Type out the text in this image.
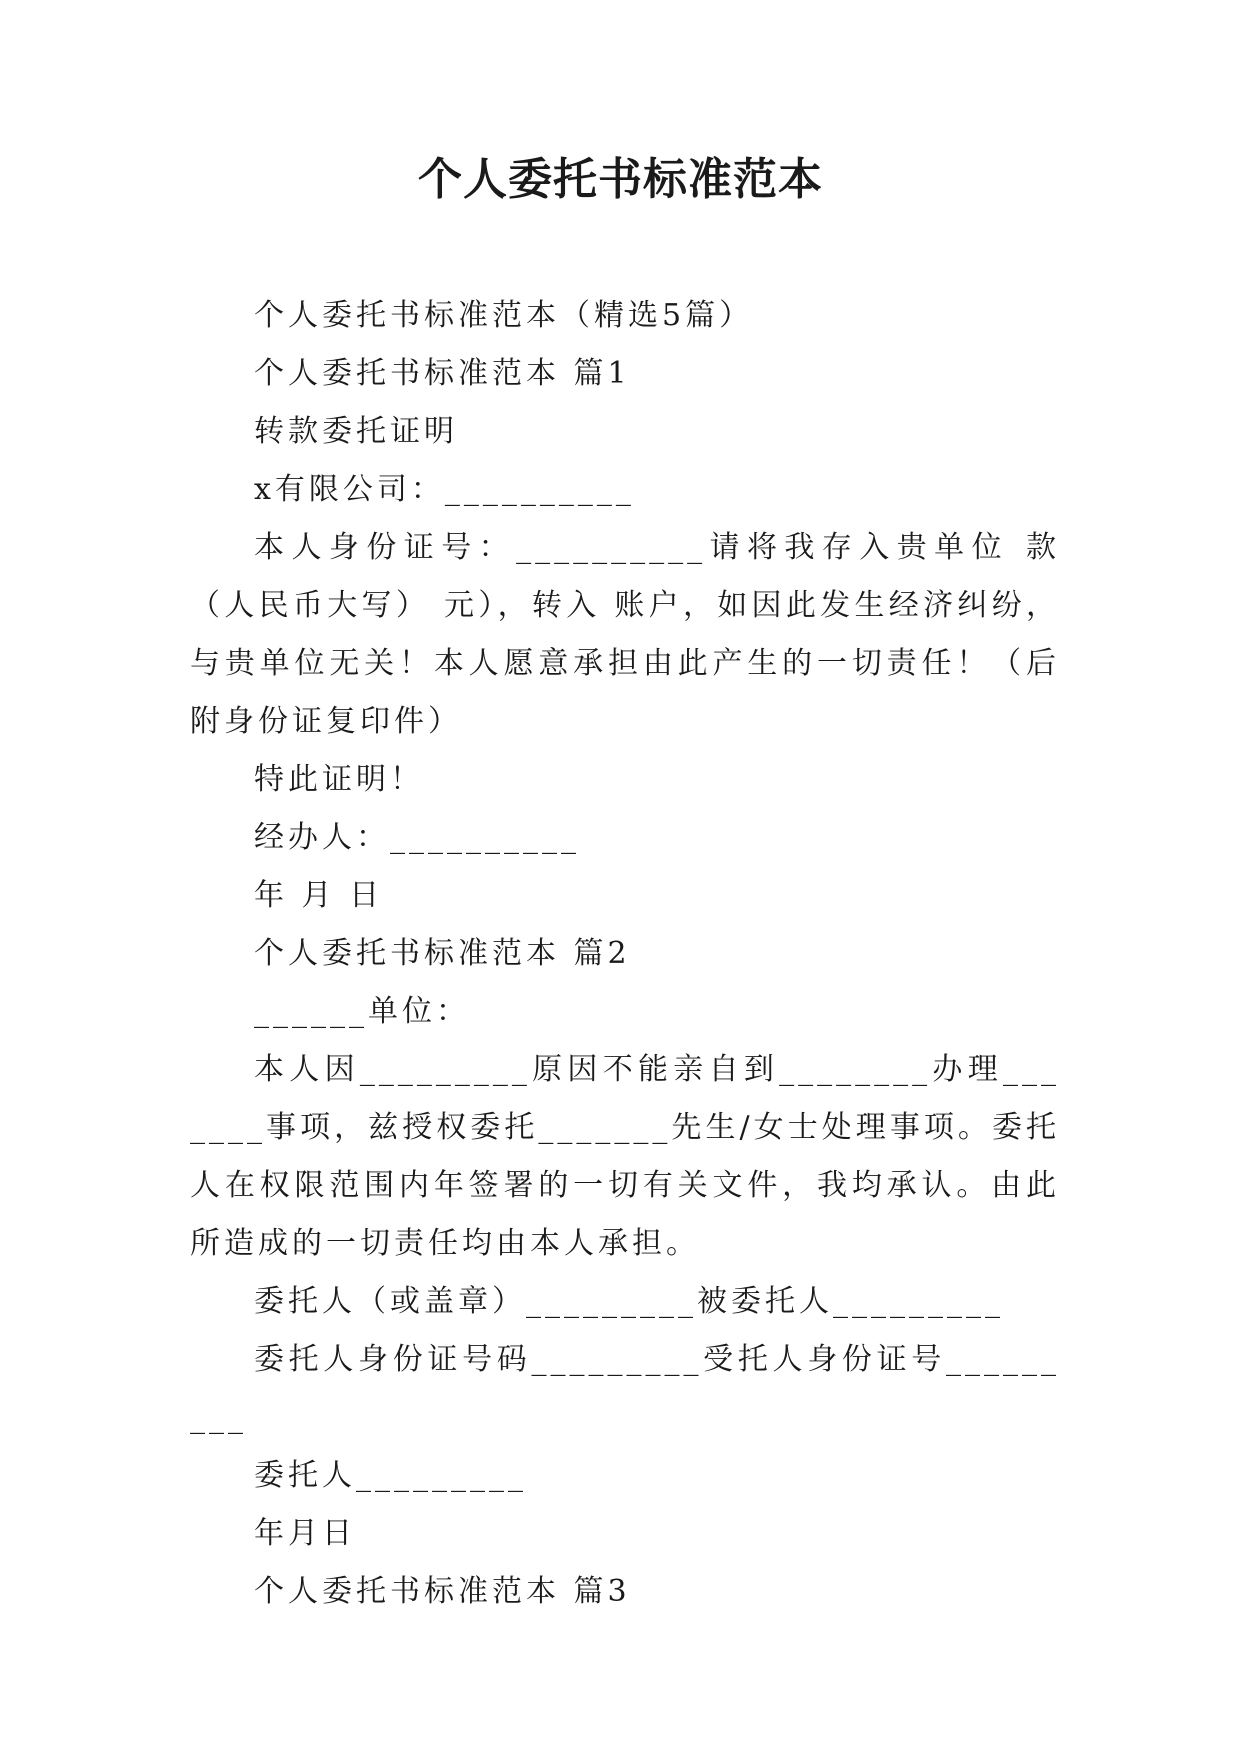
个人委托书标准范本

个人委托书标准范本（精选5篇）

个人委托书标准范本 篇1

转款委托证明

x有限公司：__________

本人身份证号：__________请将我存入贵单位 款（人民币大写） 元），转入 账户，如因此发生经济纠纷，与贵单位无关！本人愿意承担由此产生的一切责任！（后附身份证复印件）

特此证明！

经办人：__________

年 月 日

个人委托书标准范本 篇2

______单位：

本人因_________原因不能亲自到________办理_______事项，兹授权委托_______先生/女士处理事项。委托人在权限范围内年签署的一切有关文件，我均承认。由此所造成的一切责任均由本人承担。

委托人（或盖章）_________被委托人_________

委托人身份证号码_________受托人身份证号_________

委托人_________

年月日

个人委托书标准范本 篇3
